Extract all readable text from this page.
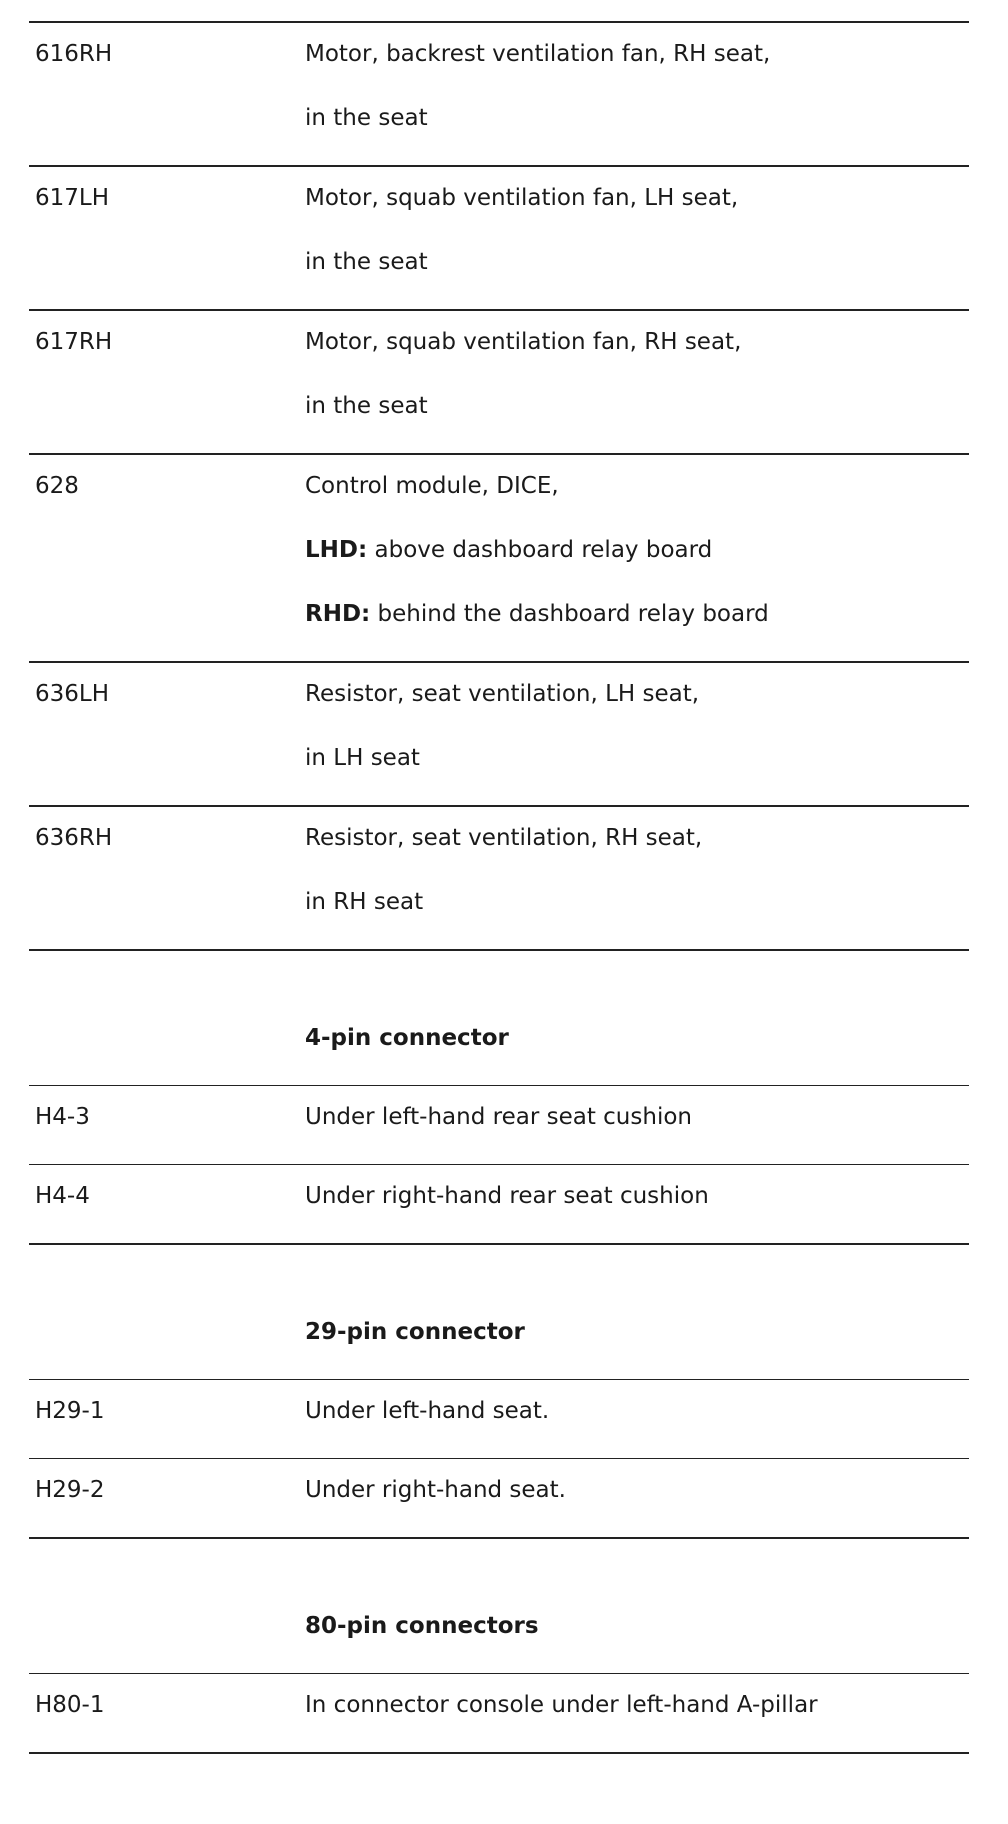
616RH	Motor, backrest ventilation fan, RH seat,
in the seat
617LH	Motor, squab ventilation fan, LH seat,
in the seat
617RH	Motor, squab ventilation fan, RH seat,
in the seat
628	Control module, DICE,
LHD: above dashboard relay board
RHD: behind the dashboard relay board
636LH	Resistor, seat ventilation, LH seat,
in LH seat
636RH	Resistor, seat ventilation, RH seat,
in RH seat
4-pin connector
H4-3	Under left-hand rear seat cushion
H4-4	Under right-hand rear seat cushion
29-pin connector
H29-1	Under left-hand seat.
H29-2	Under right-hand seat.
80-pin connectors
H80-1	In connector console under left-hand A-pillar
